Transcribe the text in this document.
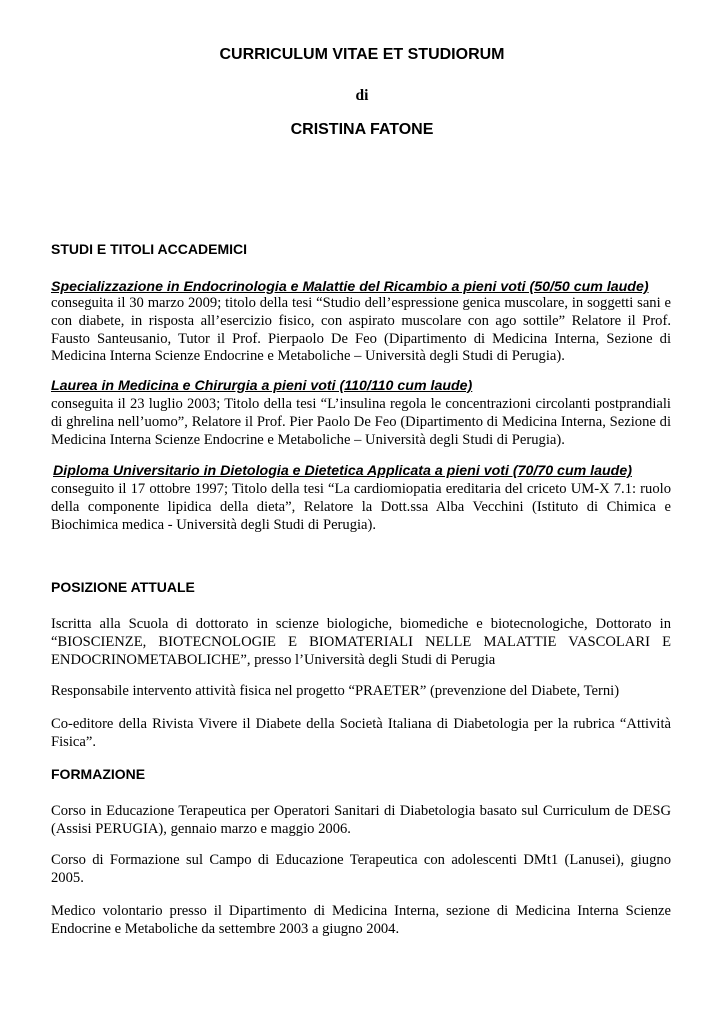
CURRICULUM VITAE ET STUDIORUM
di
CRISTINA FATONE
STUDI E TITOLI ACCADEMICI
Specializzazione in Endocrinologia e Malattie del Ricambio a pieni voti (50/50 cum laude)
conseguita il 30 marzo 2009; titolo della tesi “Studio dell’espressione genica muscolare, in soggetti sani e
con diabete, in risposta all’esercizio fisico, con aspirato muscolare con ago sottile” Relatore il Prof.
Fausto Santeusanio, Tutor il Prof. Pierpaolo De Feo (Dipartimento di Medicina Interna, Sezione di
Medicina Interna Scienze Endocrine e Metaboliche – Università degli Studi di Perugia).
Laurea in Medicina e Chirurgia a pieni voti (110/110 cum laude)
conseguita il 23 luglio 2003; Titolo della tesi “L’insulina regola le concentrazioni circolanti postprandiali
di ghrelina nell’uomo”, Relatore il Prof. Pier Paolo De Feo (Dipartimento di Medicina Interna, Sezione di
Medicina Interna Scienze Endocrine e Metaboliche – Università degli Studi di Perugia).
Diploma Universitario in Dietologia e Dietetica Applicata a pieni voti (70/70 cum laude)
conseguito il 17 ottobre 1997; Titolo della tesi “La cardiomiopatia ereditaria del criceto UM-X 7.1: ruolo
della componente lipidica della dieta”, Relatore la Dott.ssa Alba Vecchini (Istituto di Chimica e
Biochimica medica - Università degli Studi di Perugia).
POSIZIONE ATTUALE
Iscritta alla Scuola di dottorato in scienze biologiche, biomediche e biotecnologiche, Dottorato in
“BIOSCIENZE, BIOTECNOLOGIE E BIOMATERIALI NELLE MALATTIE VASCOLARI E
ENDOCRINOMETABOLICHE”, presso l’Università degli Studi di Perugia
Responsabile intervento attività fisica nel progetto “PRAETER” (prevenzione del Diabete, Terni)
Co-editore della Rivista Vivere il Diabete della Società Italiana di Diabetologia per la rubrica “Attività
Fisica”.
FORMAZIONE
Corso in Educazione Terapeutica per Operatori Sanitari di Diabetologia basato sul Curriculum de DESG
(Assisi PERUGIA), gennaio marzo e maggio 2006.
Corso di Formazione sul Campo di Educazione Terapeutica con adolescenti DMt1 (Lanusei), giugno
2005.
Medico volontario presso il Dipartimento di Medicina Interna, sezione di Medicina Interna Scienze
Endocrine e Metaboliche da settembre 2003 a giugno 2004.
